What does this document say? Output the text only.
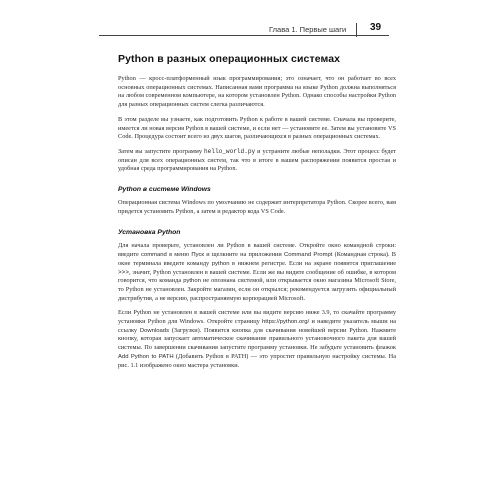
Глава 1. Первые шаги 39
Python в разных операционных системах

Python — кросс-платформенный язык программирования; это означает, что он работает во всех основных операционных системах. Написанная вами программа на языке Python должна выполняться на любом современном компьютере, на котором установлен Python. Однако способы настройки Python для разных операционных систем слегка различаются.

В этом разделе вы узнаете, как подготовить Python к работе в вашей системе. Сначала вы проверите, имеется ли новая версия Python в вашей системе, и если нет — установите ее. Затем вы установите VS Code. Процедура состоит всего из двух шагов, различающихся в разных операционных системах.

Затем вы запустите программу hello_world.py и устраните любые неполадки. Этот процесс будет описан для всех операционных систем, так что в итоге в вашем распоряжении появится простая и удобная среда программирования на Python.

Python в системе Windows

Операционная система Windows по умолчанию не содержит интерпретатора Python. Скорее всего, вам придется установить Python, а затем и редактор кода VS Code.

Установка Python

Для начала проверьте, установлен ли Python в вашей системе. Откройте окно командной строки: введите command в меню Пуск и щелкните на приложении Command Prompt (Командная строка). В окне терминала введите команду python в нижнем регистре. Если на экране появится приглашение >>>, значит, Python установлен в вашей системе. Если же вы видите сообщение об ошибке, в котором говорится, что команда python не опознана системой, или открывается окно магазина Microsoft Store, то Python не установлен. Закройте магазин, если он открылся; рекомендуется загрузить официальный дистрибутив, а не версию, распространяемую корпорацией Microsoft.

Если Python не установлен в вашей системе или вы видите версию ниже 3.9, то скачайте программу установки Python для Windows. Откройте страницу https://python.org/ и наведите указатель мыши на ссылку Downloads (Загрузки). Появится кнопка для скачивания новейшей версии Python. Нажмите кнопку, которая запускает автоматическое скачивание правильного установочного пакета для вашей системы. По завершении скачивания запустите программу установки. Не забудьте установить флажок Add Python to PATH (Добавить Python в PATH) — это упростит правильную настройку системы. На рис. 1.1 изображено окно мастера установки.
